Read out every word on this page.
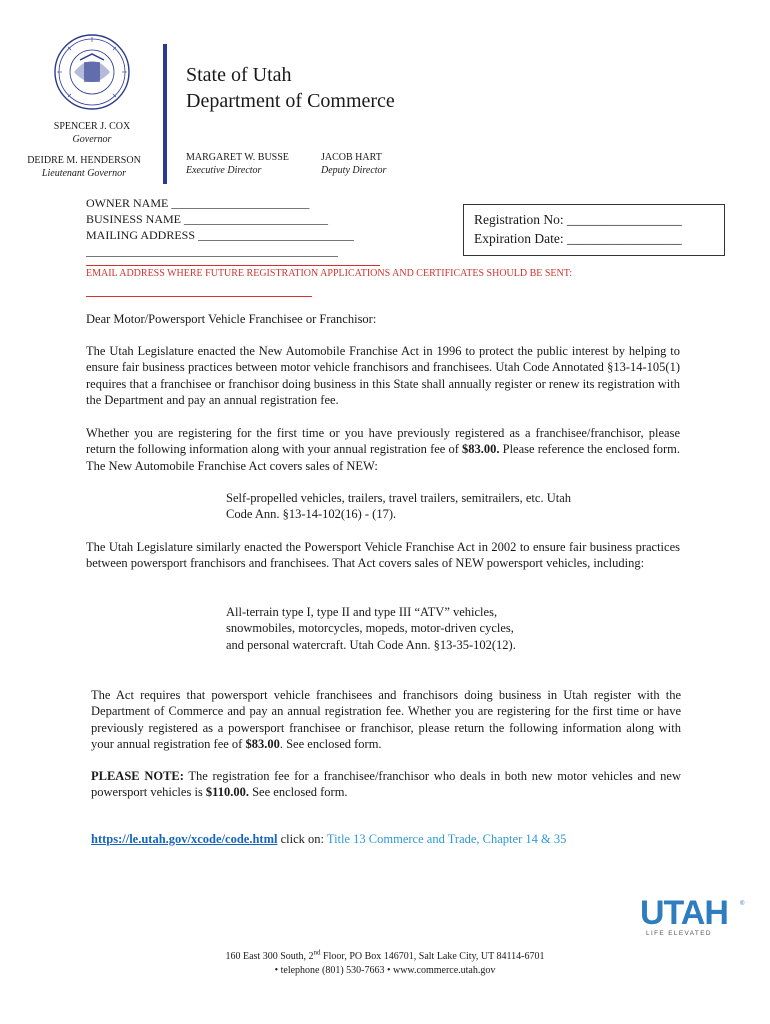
State of Utah
Department of Commerce
SPENCER J. COX
Governor
DEIDRE M. HENDERSON
Lieutenant Governor
MARGARET W. BUSSE
Executive Director
JACOB HART
Deputy Director
OWNER NAME _______________________
BUSINESS NAME ________________________
MAILING ADDRESS __________________________
__________________________________________
Registration No: _________________
Expiration Date: _________________
EMAIL ADDRESS WHERE FUTURE REGISTRATION APPLICATIONS AND CERTIFICATES SHOULD BE SENT:
Dear Motor/Powersport Vehicle Franchisee or Franchisor:
The Utah Legislature enacted the New Automobile Franchise Act in 1996 to protect the public interest by helping to ensure fair business practices between motor vehicle franchisors and franchisees. Utah Code Annotated §13-14-105(1) requires that a franchisee or franchisor doing business in this State shall annually register or renew its registration with the Department and pay an annual registration fee.
Whether you are registering for the first time or you have previously registered as a franchisee/franchisor, please return the following information along with your annual registration fee of $83.00. Please reference the enclosed form. The New Automobile Franchise Act covers sales of NEW:
Self-propelled vehicles, trailers, travel trailers, semitrailers, etc. Utah Code Ann. §13-14-102(16) - (17).
The Utah Legislature similarly enacted the Powersport Vehicle Franchise Act in 2002 to ensure fair business practices between powersport franchisors and franchisees. That Act covers sales of NEW powersport vehicles, including:
All-terrain type I, type II and type III “ATV” vehicles, snowmobiles, motorcycles, mopeds, motor-driven cycles, and personal watercraft. Utah Code Ann. §13-35-102(12).
The Act requires that powersport vehicle franchisees and franchisors doing business in Utah register with the Department of Commerce and pay an annual registration fee. Whether you are registering for the first time or have previously registered as a powersport franchisee or franchisor, please return the following information along with your annual registration fee of $83.00. See enclosed form.
PLEASE NOTE: The registration fee for a franchisee/franchisor who deals in both new motor vehicles and new powersport vehicles is $110.00. See enclosed form.
https://le.utah.gov/xcode/code.html click on: Title 13 Commerce and Trade, Chapter 14 & 35
UTAH ®
LIFE ELEVATED
160 East 300 South, 2nd Floor, PO Box 146701, Salt Lake City, UT 84114-6701
• telephone (801) 530-7663 • www.commerce.utah.gov
